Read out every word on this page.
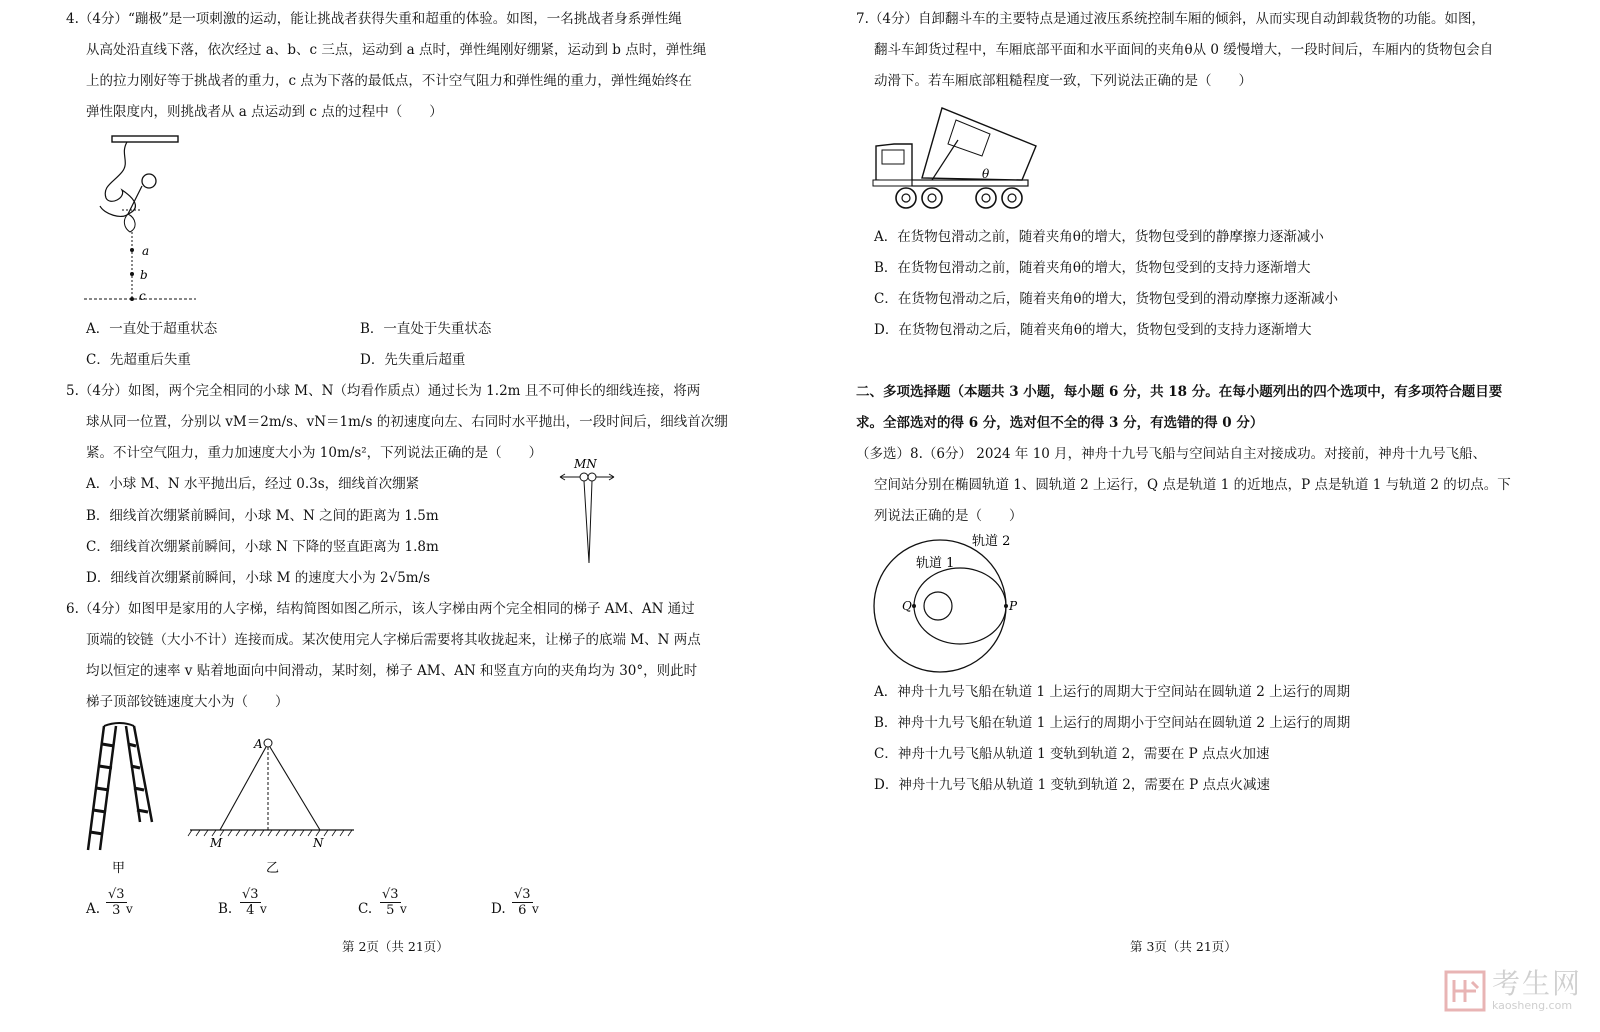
4.（4分）“蹦极”是一项刺激的运动，能让挑战者获得失重和超重的体验。如图，一名挑战者身系弹性绳
从高处沿直线下落，依次经过 a、b、c 三点，运动到 a 点时，弹性绳刚好绷紧，运动到 b 点时，弹性绳
上的拉力刚好等于挑战者的重力，c 点为下落的最低点，不计空气阻力和弹性绳的重力，弹性绳始终在
弹性限度内，则挑战者从 a 点运动到 c 点的过程中（　　）
a
b
c
A．一直处于超重状态	B．一直处于失重状态
C．先超重后失重	D．先失重后超重
5.（4分）如图，两个完全相同的小球 M、N（均看作质点）通过长为 1.2m 且不可伸长的细线连接，将两
球从同一位置，分别以 vM＝2m/s、vN＝1m/s 的初速度向左、右同时水平抛出，一段时间后，细线首次绷
紧。不计空气阻力，重力加速度大小为 10m/s²，下列说法正确的是（　　）
A．小球 M、N 水平抛出后，经过 0.3s，细线首次绷紧
B．细线首次绷紧前瞬间，小球 M、N 之间的距离为 1.5m
C．细线首次绷紧前瞬间，小球 N 下降的竖直距离为 1.8m
D．细线首次绷紧前瞬间，小球 M 的速度大小为 2√5m/s
MN
6.（4分）如图甲是家用的人字梯，结构简图如图乙所示，该人字梯由两个完全相同的梯子 AM、AN 通过
顶端的铰链（大小不计）连接而成。某次使用完人字梯后需要将其收拢起来，让梯子的底端 M、N 两点
均以恒定的速率 v 贴着地面向中间滑动，某时刻，梯子 AM、AN 和竖直方向的夹角均为 30°，则此时
梯子顶部铰链速度大小为（　　）
甲
A
M	N
乙
A. $\frac{√3}{3}$ v	B. $\frac{√3}{4}$ v	C. $\frac{√3}{5}$ v	D. $\frac{√3}{6}$ v
第 2页（共 21页）
7.（4分）自卸翻斗车的主要特点是通过液压系统控制车厢的倾斜，从而实现自动卸载货物的功能。如图，
翻斗车卸货过程中，车厢底部平面和水平面间的夹角θ从 0 缓慢增大，一段时间后，车厢内的货物包会自
动滑下。若车厢底部粗糙程度一致，下列说法正确的是（　　）
θ
A．在货物包滑动之前，随着夹角θ的增大，货物包受到的静摩擦力逐渐减小
B．在货物包滑动之前，随着夹角θ的增大，货物包受到的支持力逐渐增大
C．在货物包滑动之后，随着夹角θ的增大，货物包受到的滑动摩擦力逐渐减小
D．在货物包滑动之后，随着夹角θ的增大，货物包受到的支持力逐渐增大
二、多项选择题（本题共 3 小题，每小题 6 分，共 18 分。在每小题列出的四个选项中，有多项符合题目要
求。全部选对的得 6 分，选对但不全的得 3 分，有选错的得 0 分）
（多选）8.（6分） 2024 年 10 月，神舟十九号飞船与空间站自主对接成功。对接前，神舟十九号飞船、
空间站分别在椭圆轨道 1、圆轨道 2 上运行，Q 点是轨道 1 的近地点，P 点是轨道 1 与轨道 2 的切点。下
列说法正确的是（　　）
轨道 1
轨道 2
Q	P
A．神舟十九号飞船在轨道 1 上运行的周期大于空间站在圆轨道 2 上运行的周期
B．神舟十九号飞船在轨道 1 上运行的周期小于空间站在圆轨道 2 上运行的周期
C．神舟十九号飞船从轨道 1 变轨到轨道 2，需要在 P 点点火加速
D．神舟十九号飞船从轨道 1 变轨到轨道 2，需要在 P 点点火减速
第 3页（共 21页）
考生网
kaosheng.com
